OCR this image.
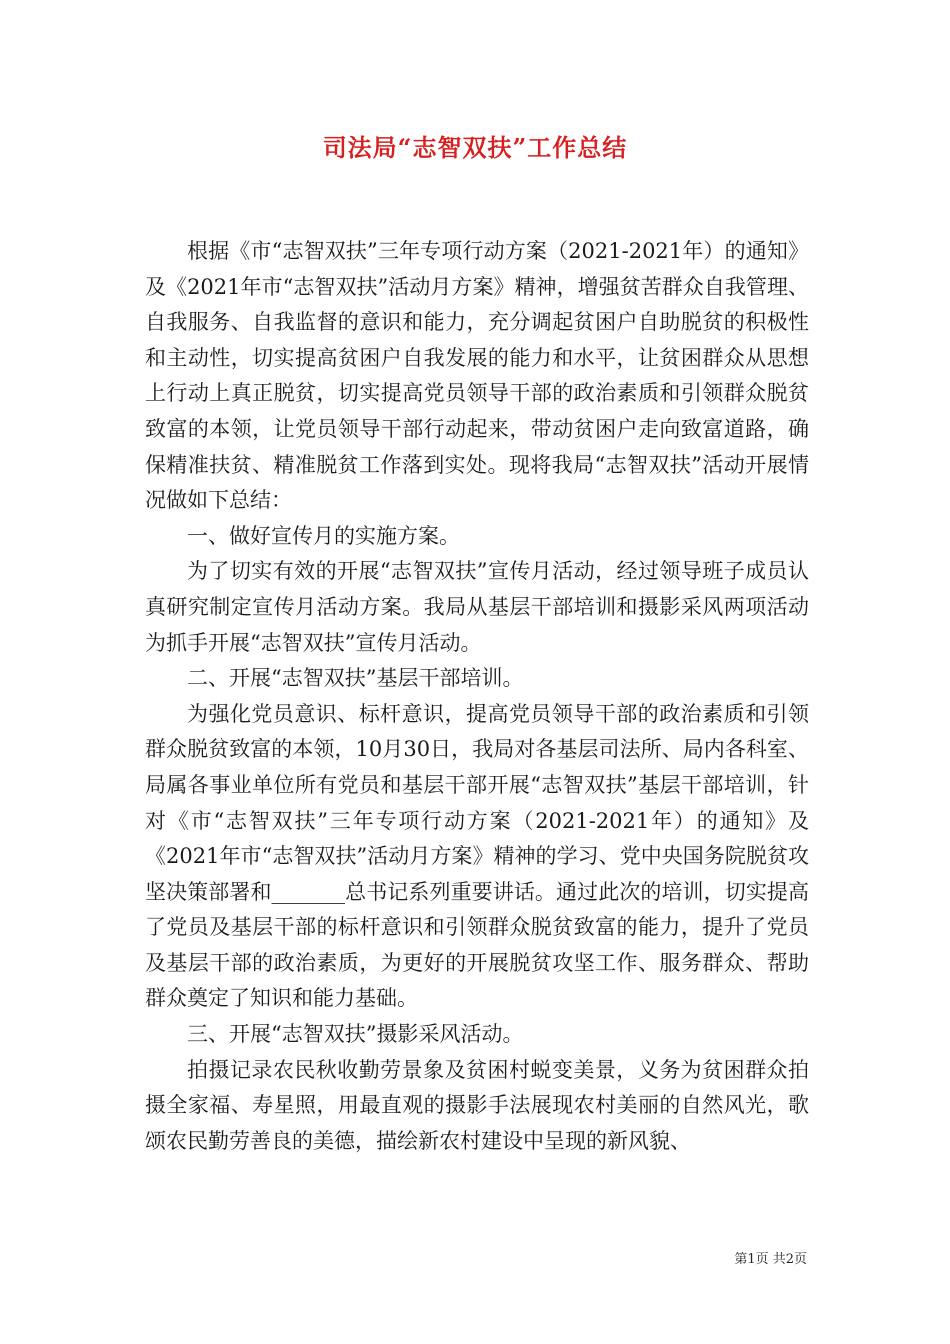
司法局“志智双扶”工作总结

根据《市“志智双扶”三年专项行动方案（2021-2021年）的通知》及《2021年市“志智双扶”活动月方案》精神，增强贫苦群众自我管理、自我服务、自我监督的意识和能力，充分调起贫困户自助脱贫的积极性和主动性，切实提高贫困户自我发展的能力和水平，让贫困群众从思想上行动上真正脱贫，切实提高党员领导干部的政治素质和引领群众脱贫致富的本领，让党员领导干部行动起来，带动贫困户走向致富道路，确保精准扶贫、精准脱贫工作落到实处。现将我局“志智双扶”活动开展情况做如下总结：

一、做好宣传月的实施方案。

为了切实有效的开展“志智双扶”宣传月活动，经过领导班子成员认真研究制定宣传月活动方案。我局从基层干部培训和摄影采风两项活动为抓手开展“志智双扶”宣传月活动。

二、开展“志智双扶”基层干部培训。

为强化党员意识、标杆意识，提高党员领导干部的政治素质和引领群众脱贫致富的本领，10月30日，我局对各基层司法所、局内各科室、局属各事业单位所有党员和基层干部开展“志智双扶”基层干部培训，针对《市“志智双扶”三年专项行动方案（2021-2021年）的通知》及《2021年市“志智双扶”活动月方案》精神的学习、党中央国务院脱贫攻坚决策部署和_______总书记系列重要讲话。通过此次的培训，切实提高了党员及基层干部的标杆意识和引领群众脱贫致富的能力，提升了党员及基层干部的政治素质，为更好的开展脱贫攻坚工作、服务群众、帮助群众奠定了知识和能力基础。

三、开展“志智双扶”摄影采风活动。

拍摄记录农民秋收勤劳景象及贫困村蜕变美景，义务为贫困群众拍摄全家福、寿星照，用最直观的摄影手法展现农村美丽的自然风光，歌颂农民勤劳善良的美德，描绘新农村建设中呈现的新风貌、

第1页 共2页
